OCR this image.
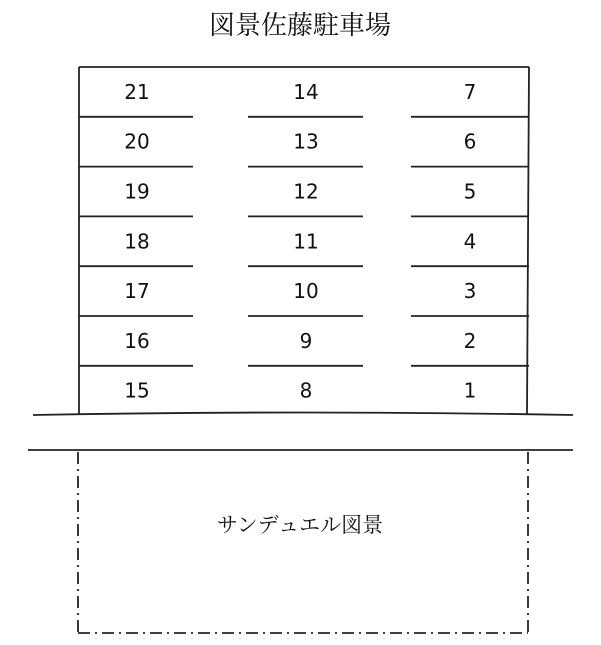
図景佐藤駐車場
21
20
19
18
17
16
15
14
13
12
11
10
9
8
7
6
5
4
3
2
1
サンデュエル図景
